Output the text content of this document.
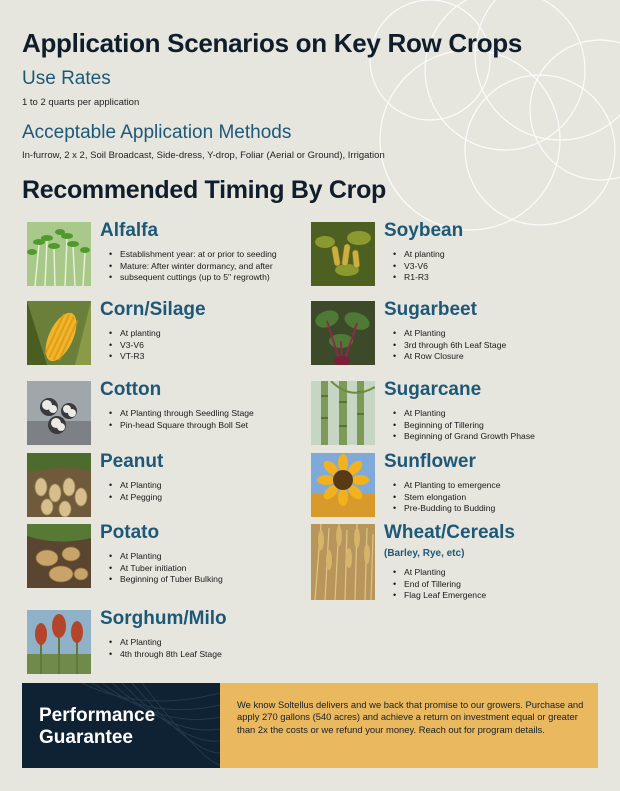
Application Scenarios on Key Row Crops
Use Rates

1 to 2 quarts per application

Acceptable Application Methods

In-furrow, 2 x 2, Soil Broadcast, Side-dress, Y-drop, Foliar (Aerial or Ground), Irrigation

Recommended Timing By Crop
Alfalfa
• Establishment year: at or prior to seeding
• Mature: After winter dormancy, and after
• subsequent cuttings (up to 5" regrowth)
Corn/Silage
• At planting
• V3-V6
• VT-R3
Cotton
• At Planting through Seedling Stage
• Pin-head Square through Boll Set
Peanut
• At Planting
• At Pegging
Potato
• At Planting
• At Tuber initiation
• Beginning of Tuber Bulking
Sorghum/Milo
• At Planting
• 4th through 8th Leaf Stage
Soybean
• At planting
• V3-V6
• R1-R3
Sugarbeet
• At Planting
• 3rd through 6th Leaf Stage
• At Row Closure
Sugarcane
• At Planting
• Beginning of Tillering
• Beginning of Grand Growth Phase
Sunflower
• At Planting to emergence
• Stem elongation
• Pre-Budding to Budding
Wheat/Cereals
(Barley, Rye, etc)
• At Planting
• End of Tillering
• Flag Leaf Emergence
Performance Guarantee

We know Soltellus delivers and we back that promise to our growers. Purchase and apply 270 gallons (540 acres) and achieve a return on investment equal or greater than 2x the costs or we refund your money. Reach out for program details.
